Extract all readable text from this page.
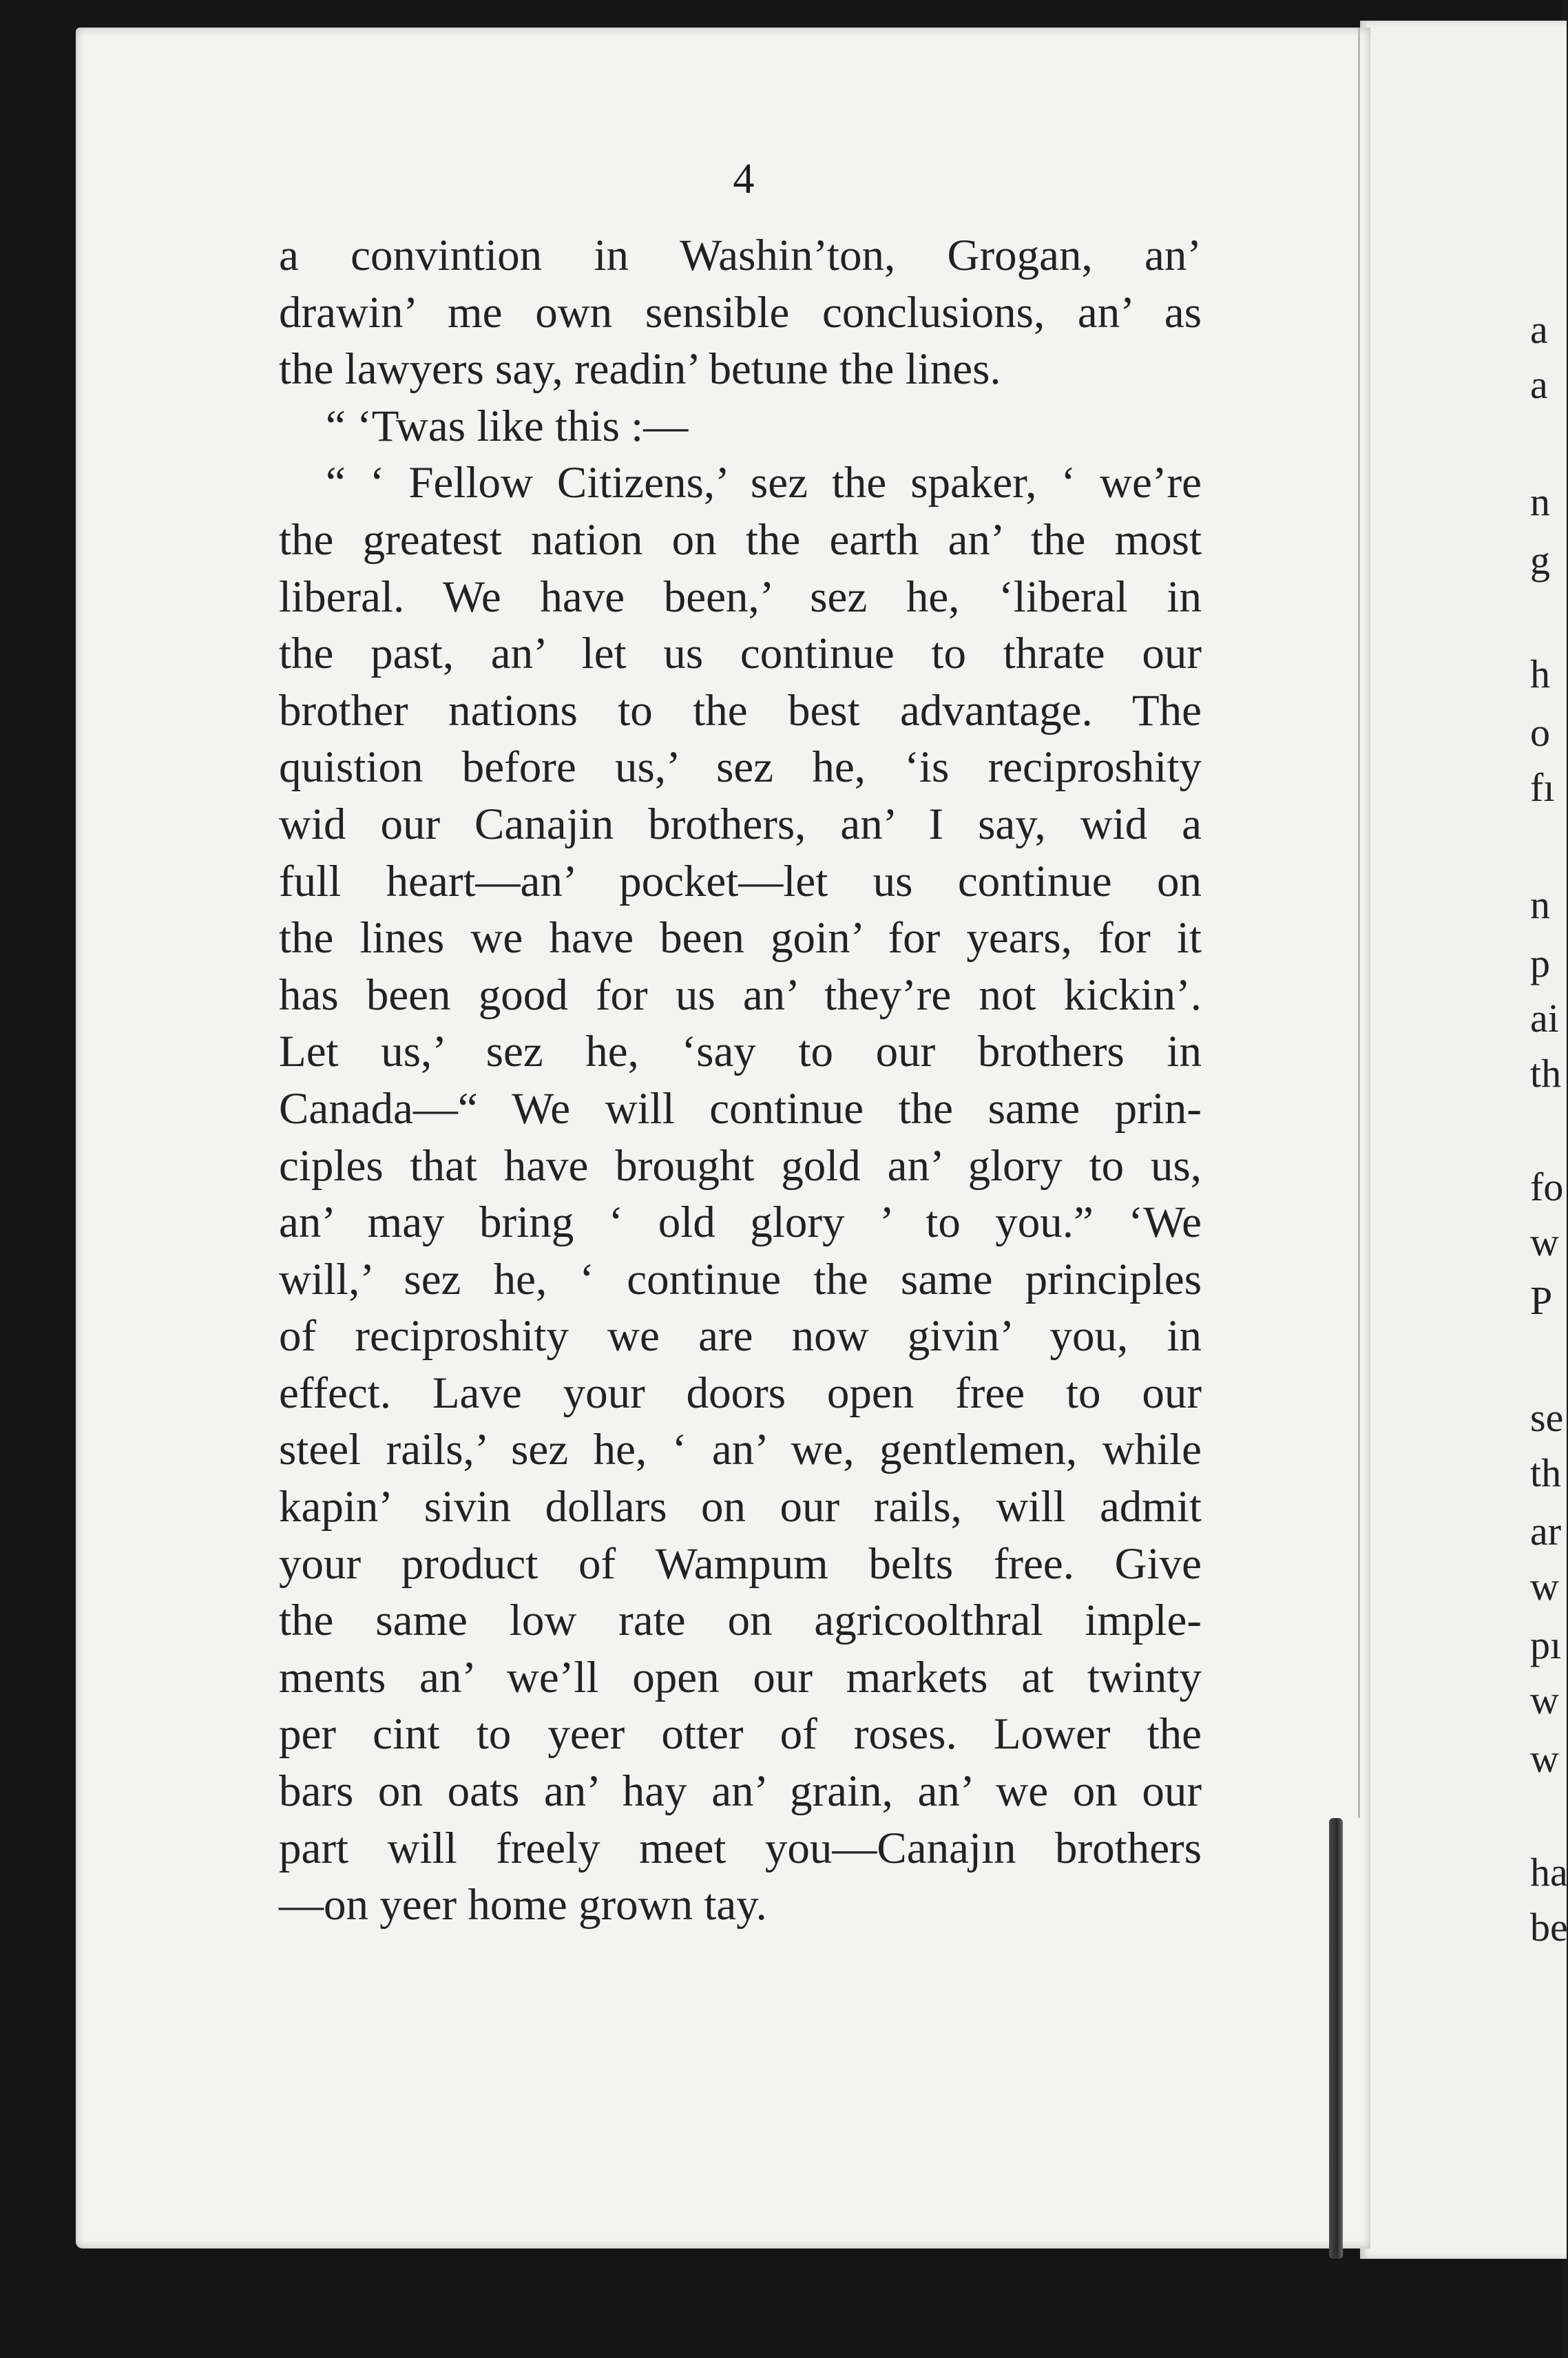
4
a convintion in Washin’ton, Grogan, an’
drawin’ me own sensible conclusions, an’ as
the lawyers say, readin’ betune the lines.
“ ‘Twas like this :—
“ ‘ Fellow Citizens,’ sez the spaker, ‘ we’re
the greatest nation on the earth an’ the most
liberal. We have been,’ sez he, ‘liberal in
the past, an’ let us continue to thrate our
brother nations to the best advantage. The
quistion before us,’ sez he, ‘is reciproshity
wid our Canajin brothers, an’ I say, wid a
full heart—an’ pocket—let us continue on
the lines we have been goin’ for years, for it
has been good for us an’ they’re not kickin’.
Let us,’ sez he, ‘say to our brothers in
Canada—“ We will continue the same prin-
ciples that have brought gold an’ glory to us,
an’ may bring ‘ old glory ’ to you.” ‘We
will,’ sez he, ‘ continue the same principles
of reciproshity we are now givin’ you, in
effect. Lave your doors open free to our
steel rails,’ sez he, ‘ an’ we, gentlemen, while
kapin’ sivin dollars on our rails, will admit
your product of Wampum belts free. Give
the same low rate on agricoolthral imple-
ments an’ we’ll open our markets at twinty
per cint to yeer otter of roses. Lower the
bars on oats an’ hay an’ grain, an’ we on our
part will freely meet you—Canajın brothers
—on yeer home grown tay.
a
a
n
g
h
o
fı
n
p
ai
th
fo
w
P
se
th
ar
w
pı
w
w
ha
be
